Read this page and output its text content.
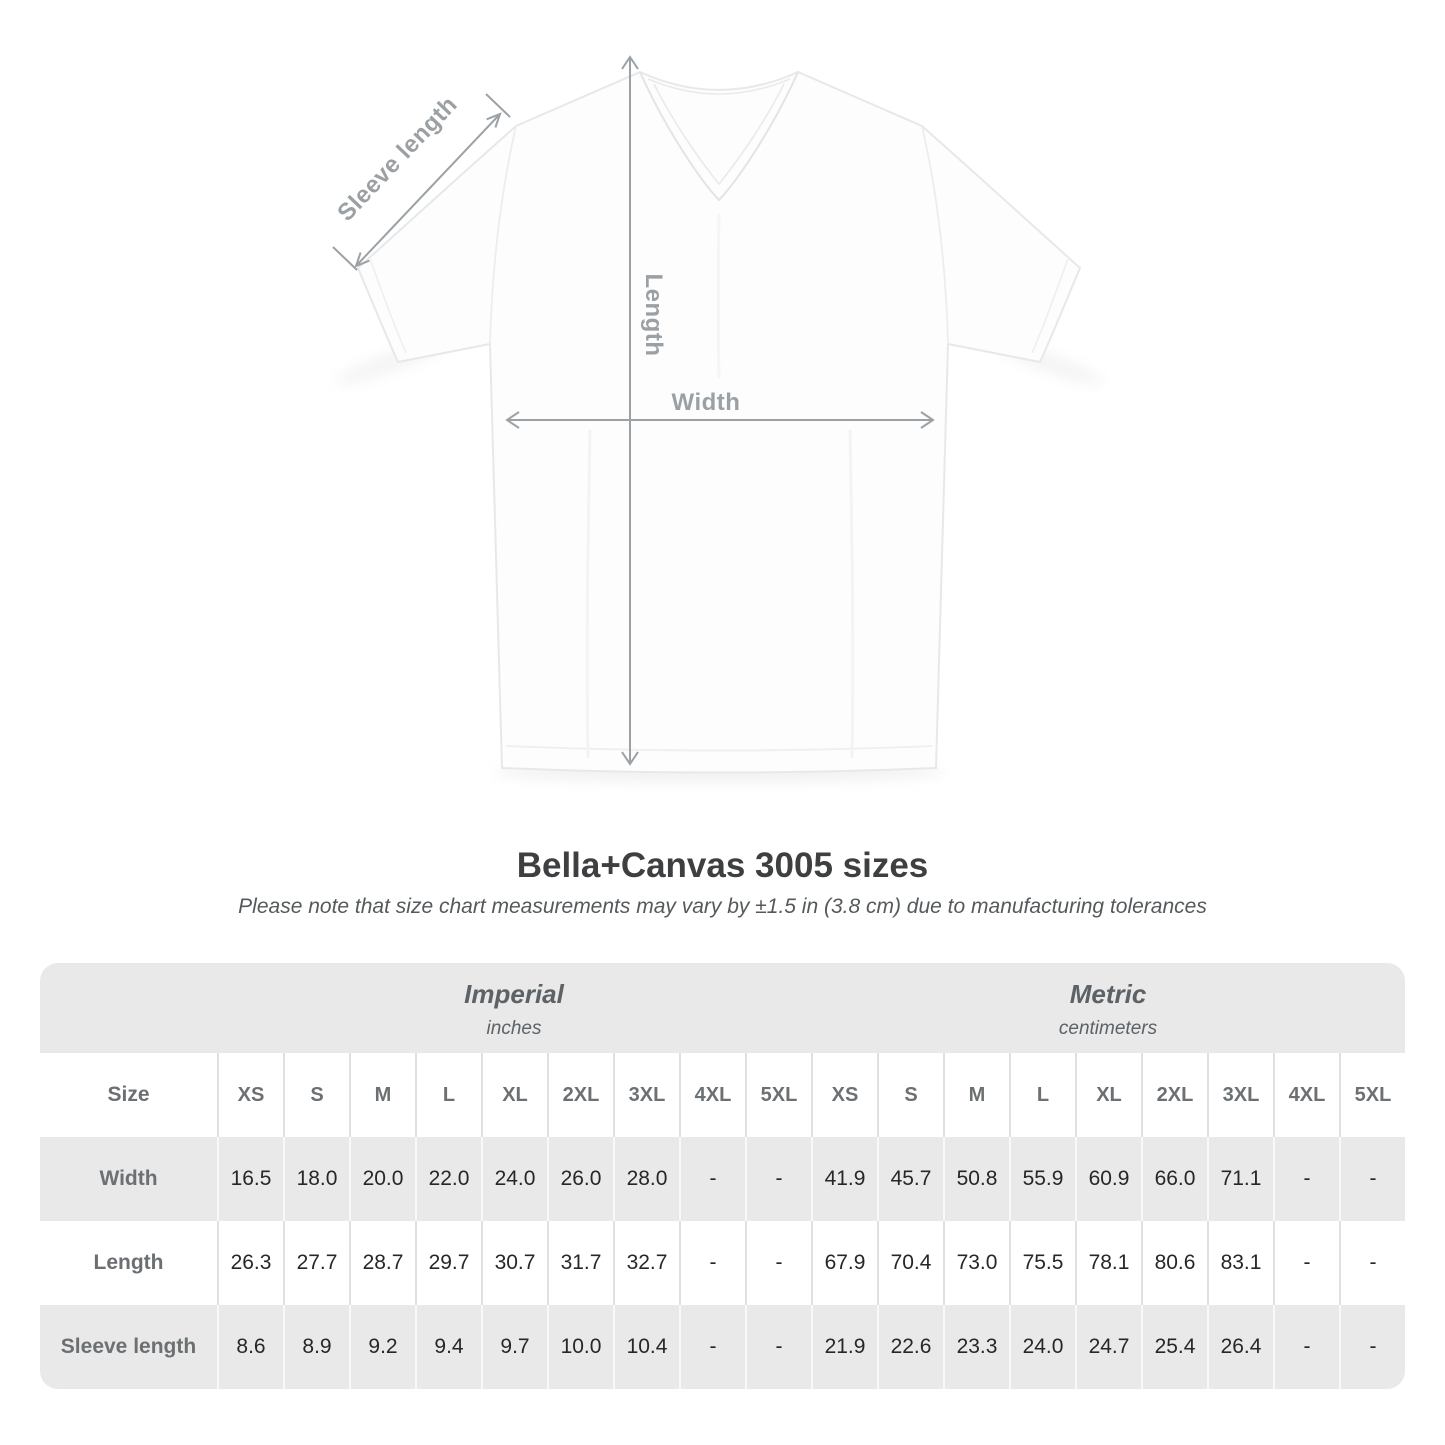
Width
Length
Sleeve length
Bella+Canvas 3005 sizes

Please note that size chart measurements may vary by ±1.5 in (3.8 cm) due to manufacturing tolerances

Imperial
inches
Metric
centimeters
Size	XS	S	M	L	XL	2XL	3XL	4XL	5XL	XS	S	M	L	XL	2XL	3XL	4XL	5XL
Width	16.5	18.0	20.0	22.0	24.0	26.0	28.0	-	-	41.9	45.7	50.8	55.9	60.9	66.0	71.1	-	-
Length	26.3	27.7	28.7	29.7	30.7	31.7	32.7	-	-	67.9	70.4	73.0	75.5	78.1	80.6	83.1	-	-
Sleeve length	8.6	8.9	9.2	9.4	9.7	10.0	10.4	-	-	21.9	22.6	23.3	24.0	24.7	25.4	26.4	-	-
